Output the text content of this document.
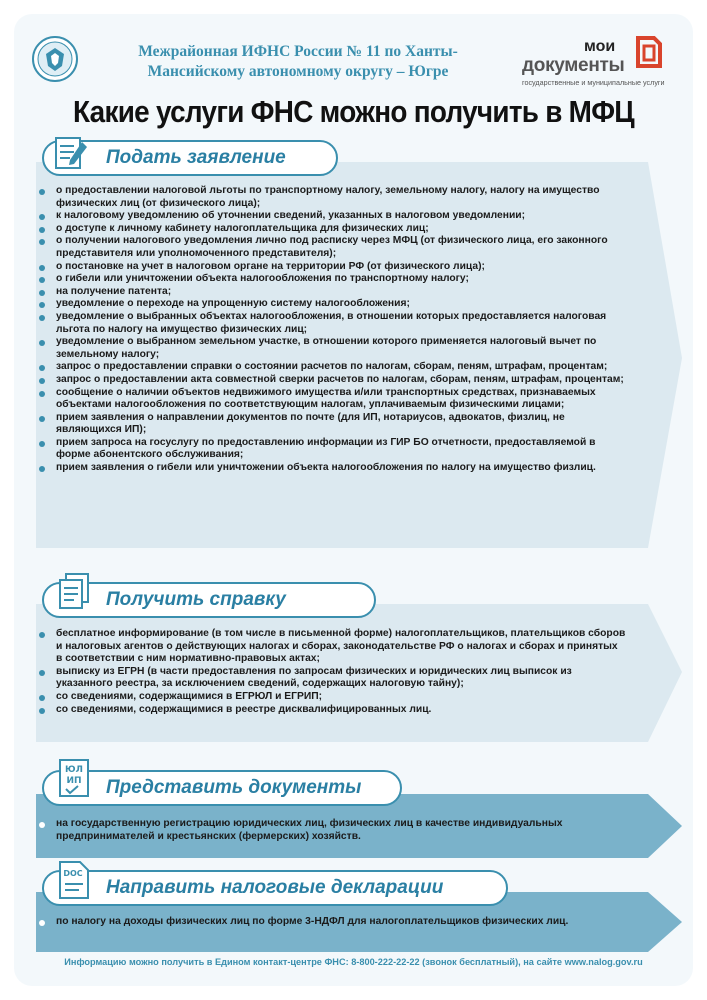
Межрайонная ИФНС России № 11 по Ханты-
Мансийскому автономному округу – Югре
мои
документы
государственные и муниципальные услуги
Какие услуги ФНС можно получить в МФЦ
Подать заявление
о предоставлении налоговой льготы по транспортному налогу, земельному налогу, налогу на имущество физических лиц (от физического лица);
к налоговому уведомлению об уточнении сведений, указанных в налоговом уведомлении;
о доступе к личному кабинету налогоплательщика для физических лиц;
о получении налогового уведомления лично под расписку через МФЦ (от физического лица, его законного представителя или уполномоченного представителя);
о постановке на учет в налоговом органе на территории РФ (от физического лица);
о гибели или уничтожении объекта налогообложения по транспортному налогу;
на получение патента;
уведомление о переходе на упрощенную систему налогообложения;
уведомление о выбранных объектах налогообложения, в отношении которых предоставляется налоговая льгота по налогу на имущество физических лиц;
уведомление о выбранном земельном участке, в отношении которого применяется налоговый вычет по земельному налогу;
запрос о предоставлении справки о состоянии расчетов по налогам, сборам, пеням, штрафам, процентам;
запрос о предоставлении акта совместной сверки расчетов по налогам, сборам, пеням, штрафам, процентам;
сообщение о наличии объектов недвижимого имущества и/или транспортных средствах, признаваемых объектами налогообложения по соответствующим налогам, уплачиваемым физическими лицами;
прием заявления о направлении документов по почте (для ИП, нотариусов, адвокатов, физлиц, не являющихся ИП);
прием запроса на госуслугу по предоставлению информации из ГИР БО отчетности, предоставляемой в форме абонентского обслуживания;
прием заявления о гибели или уничтожении объекта налогообложения по налогу на имущество физлиц.
Получить справку
бесплатное информирование (в том числе в письменной форме) налогоплательщиков, плательщиков сборов и налоговых агентов о действующих налогах и сборах, законодательстве РФ о налогах и сборах и принятых в соответствии с ним нормативно-правовых актах;
выписку из ЕГРН (в части предоставления по запросам физических и юридических лиц выписок из указанного реестра, за исключением сведений, содержащих налоговую тайну);
со сведениями, содержащимися в ЕГРЮЛ и ЕГРИП;
со сведениями, содержащимися в реестре дисквалифицированных лиц.
Представить документы
ЮЛ
ИП
на государственную регистрацию юридических лиц, физических лиц в качестве индивидуальных предпринимателей и крестьянских (фермерских) хозяйств.
Направить налоговые декларации
DOC
по налогу на доходы физических лиц по форме 3-НДФЛ для налогоплательщиков физических лиц.
Информацию можно получить в Едином контакт-центре ФНС: 8-800-222-22-22 (звонок бесплатный), на сайте www.nalog.gov.ru
